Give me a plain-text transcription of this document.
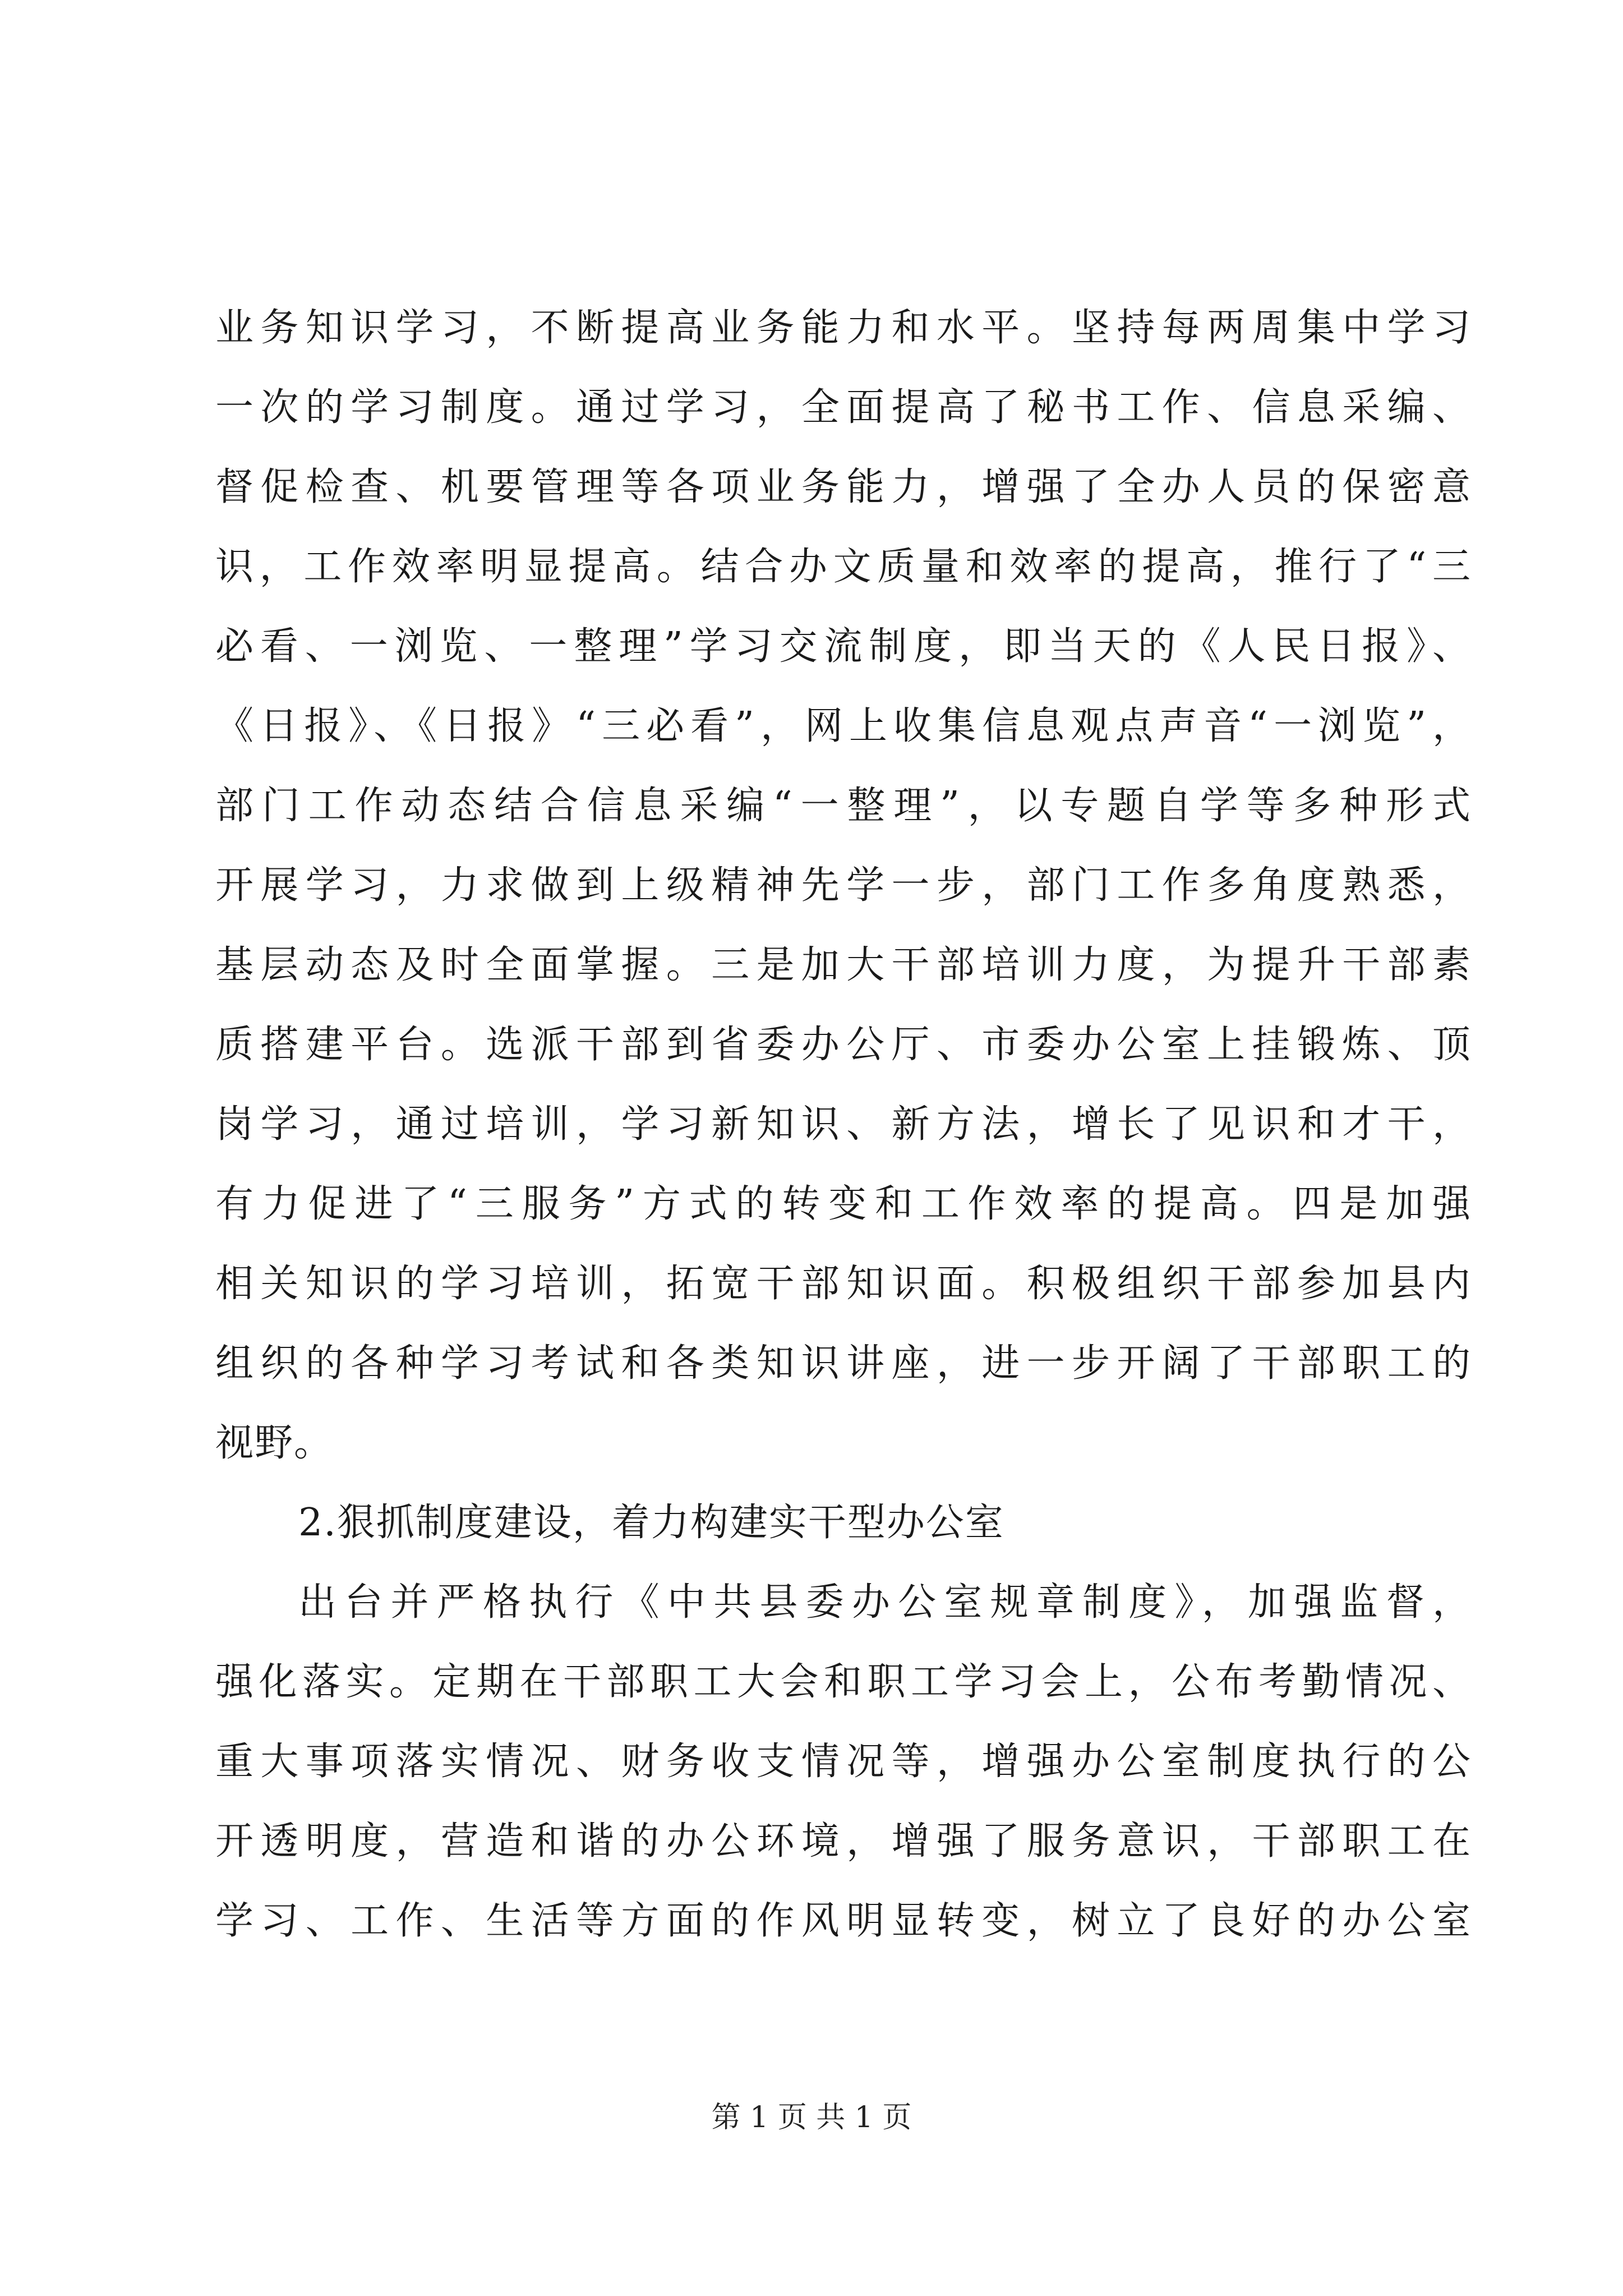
业务知识学习，不断提高业务能力和水平。坚持每两周集中学习
一次的学习制度。通过学习，全面提高了秘书工作、信息采编、
督促检查、机要管理等各项业务能力，增强了全办人员的保密意
识，工作效率明显提高。结合办文质量和效率的提高，推行了“三
必看、一浏览、一整理”学习交流制度，即当天的《人民日报》、
《日报》、《日报》“三必看”，网上收集信息观点声音“一浏览”，
部门工作动态结合信息采编“一整理”，以专题自学等多种形式
开展学习，力求做到上级精神先学一步，部门工作多角度熟悉，
基层动态及时全面掌握。三是加大干部培训力度，为提升干部素
质搭建平台。选派干部到省委办公厅、市委办公室上挂锻炼、顶
岗学习，通过培训，学习新知识、新方法，增长了见识和才干，
有力促进了“三服务”方式的转变和工作效率的提高。四是加强
相关知识的学习培训，拓宽干部知识面。积极组织干部参加县内
组织的各种学习考试和各类知识讲座，进一步开阔了干部职工的
视野。
2.狠抓制度建设，着力构建实干型办公室
出台并严格执行《中共县委办公室规章制度》，加强监督，
强化落实。定期在干部职工大会和职工学习会上，公布考勤情况、
重大事项落实情况、财务收支情况等，增强办公室制度执行的公
开透明度，营造和谐的办公环境，增强了服务意识，干部职工在
学习、工作、生活等方面的作风明显转变，树立了良好的办公室
第 1 页 共 1 页
